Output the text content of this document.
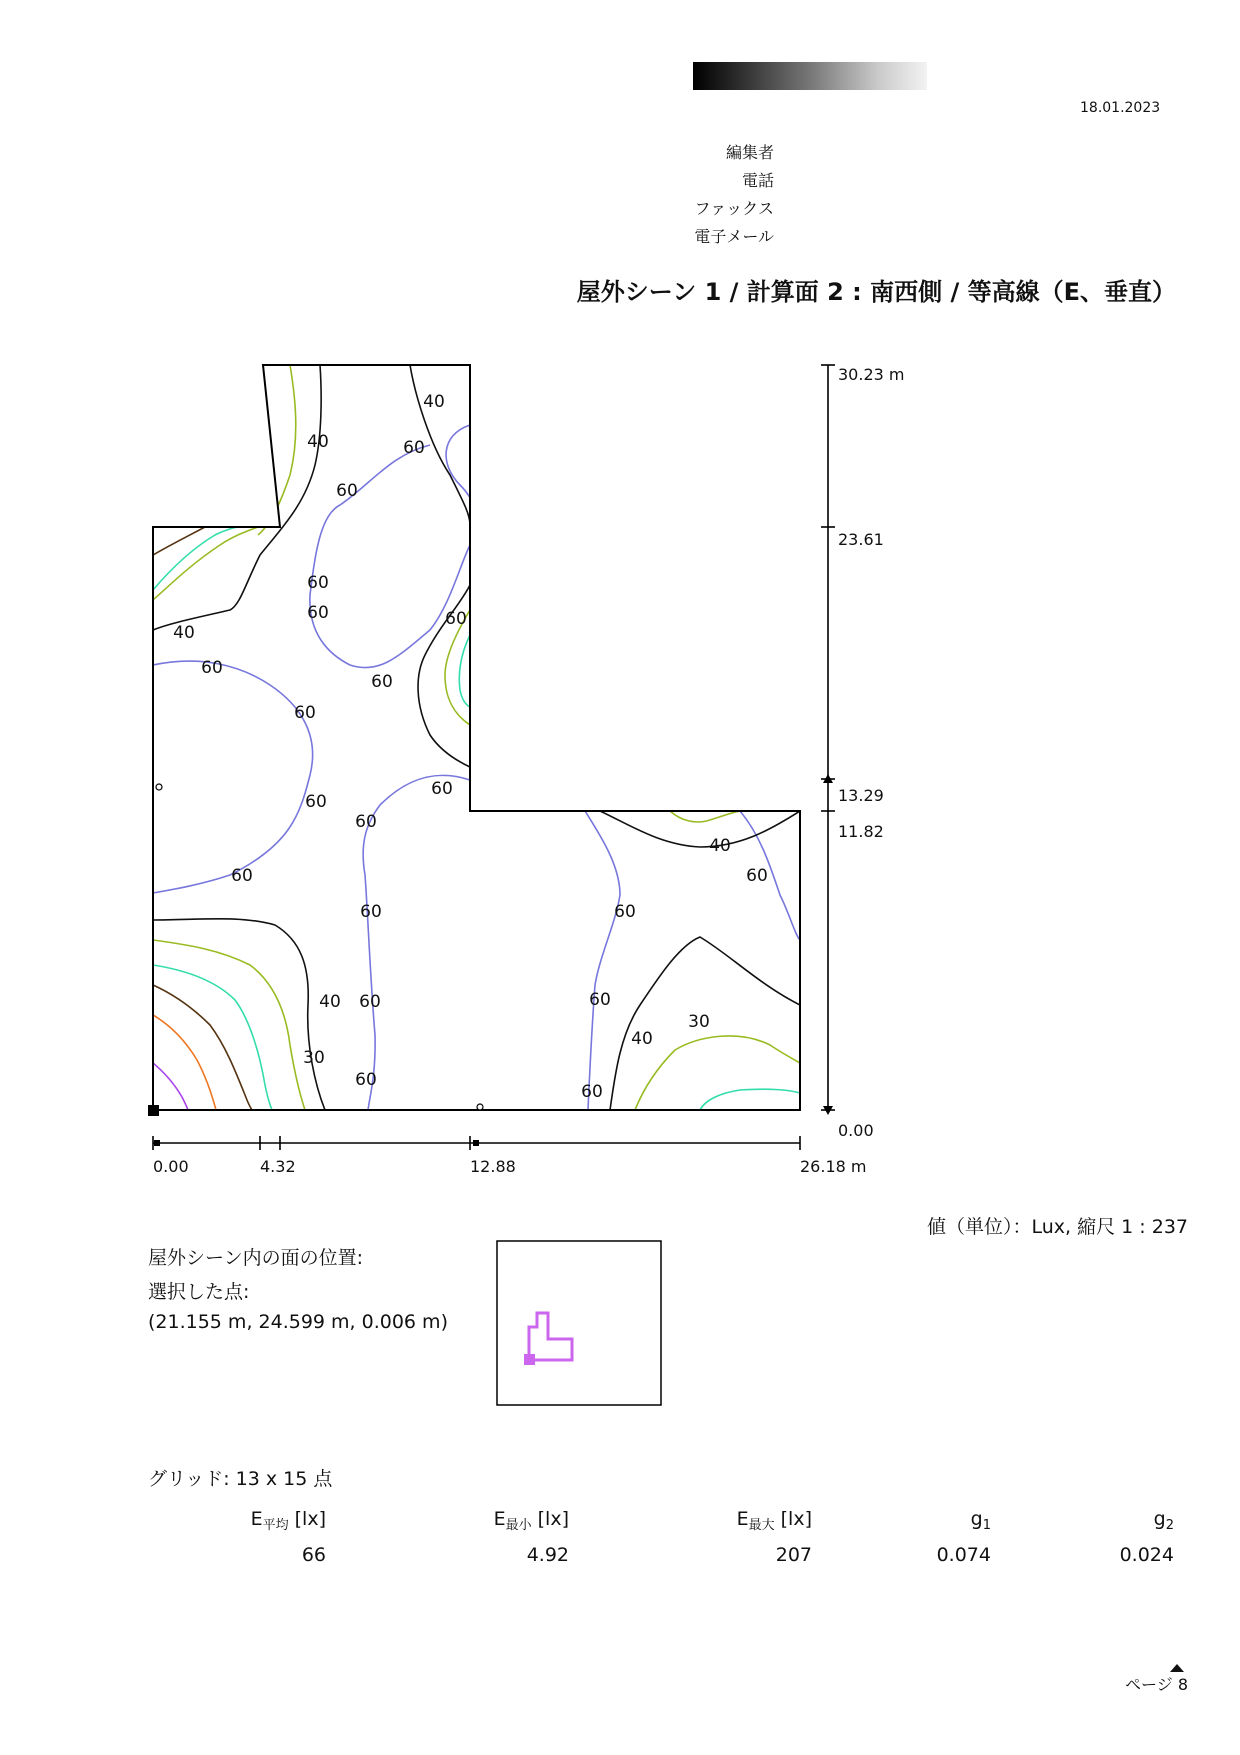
18.01.2023
編集者
電話
ファックス
電子メール
屋外シーン 1 / 計算面 2 : 南西側 / 等高線（E、垂直）
40
60
40
60
60
60	60
40
60
60
60
60
60
60
60
60
40
60
60
60
40	60
60
30
40
30
60
30.23 m
23.61
13.29
11.82
0.00
0.00	4.32	12.88	26.18 m
値（単位）：Lux, 縮尺 1 : 237
屋外シーン内の面の位置:
選択した点:
(21.155 m, 24.599 m, 0.006 m)
グリッド: 13 x 15 点
$E_{平均}$ [lx]	$E_{最小}$ [lx]	$E_{最大}$ [lx]	$g_1$	$g_2$
66	4.92	207	0.074	0.024
ページ 8
